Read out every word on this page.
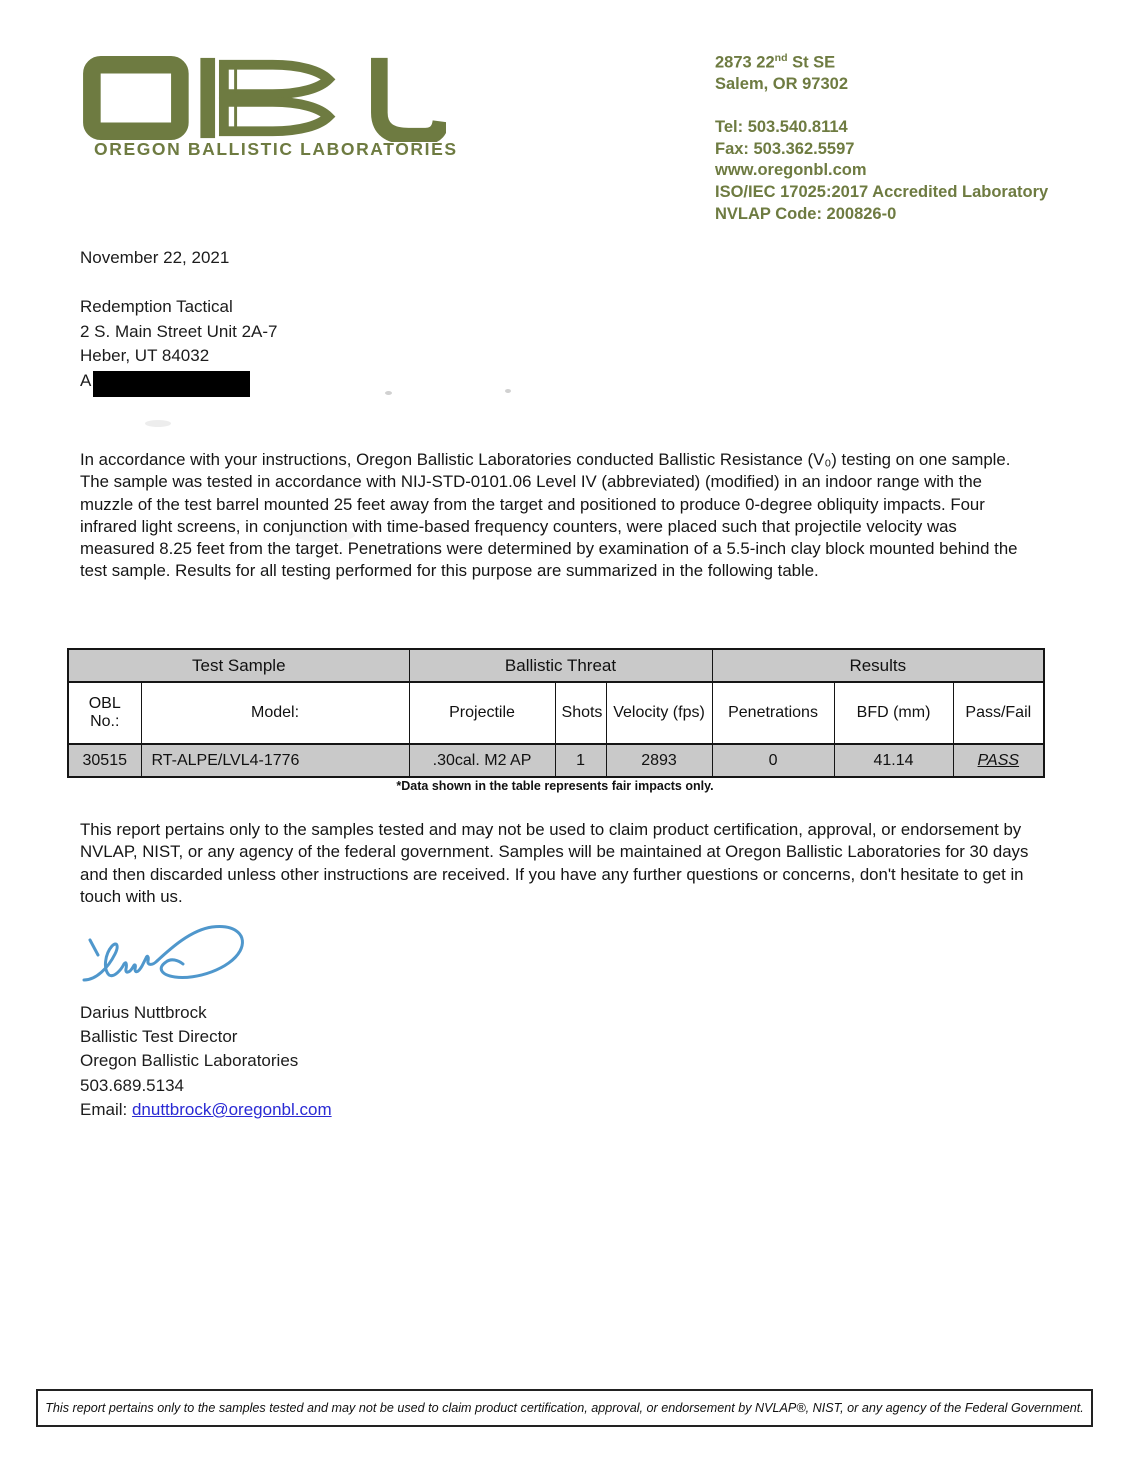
OREGON BALLISTIC LABORATORIES
2873 22nd St SE
Salem, OR 97302
Tel: 503.540.8114
Fax: 503.362.5597
www.oregonbl.com
ISO/IEC 17025:2017 Accredited Laboratory
NVLAP Code: 200826-0
November 22, 2021
Redemption Tactical
2 S. Main Street Unit 2A-7
Heber, UT 84032
A
In accordance with your instructions, Oregon Ballistic Laboratories conducted Ballistic Resistance (V₀) testing on one sample.
The sample was tested in accordance with NIJ-STD-0101.06 Level IV (abbreviated) (modified) in an indoor range with the muzzle of the test barrel mounted 25 feet away from the target and positioned to produce 0-degree obliquity impacts. Four infrared light screens, in conjunction with time-based frequency counters, were placed such that projectile velocity was measured 8.25 feet from the target. Penetrations were determined by examination of a 5.5-inch clay block mounted behind the test sample. Results for all testing performed for this purpose are summarized in the following table.
Test Sample		Ballistic Threat			Results		
OBL No.:	Model:	Projectile	Shots	Velocity (fps)	Penetrations	BFD (mm)	Pass/Fail
30515	RT-ALPE/LVL4-1776	.30cal. M2 AP	1	2893	0	41.14	PASS
*Data shown in the table represents fair impacts only.
This report pertains only to the samples tested and may not be used to claim product certification, approval, or endorsement by NVLAP, NIST, or any agency of the federal government. Samples will be maintained at Oregon Ballistic Laboratories for 30 days and then discarded unless other instructions are received. If you have any further questions or concerns, don't hesitate to get in touch with us.
Darius Nuttbrock
Ballistic Test Director
Oregon Ballistic Laboratories
503.689.5134
Email: dnuttbrock@oregonbl.com
This report pertains only to the samples tested and may not be used to claim product certification, approval, or endorsement by NVLAP®, NIST, or any agency of the Federal Government.
